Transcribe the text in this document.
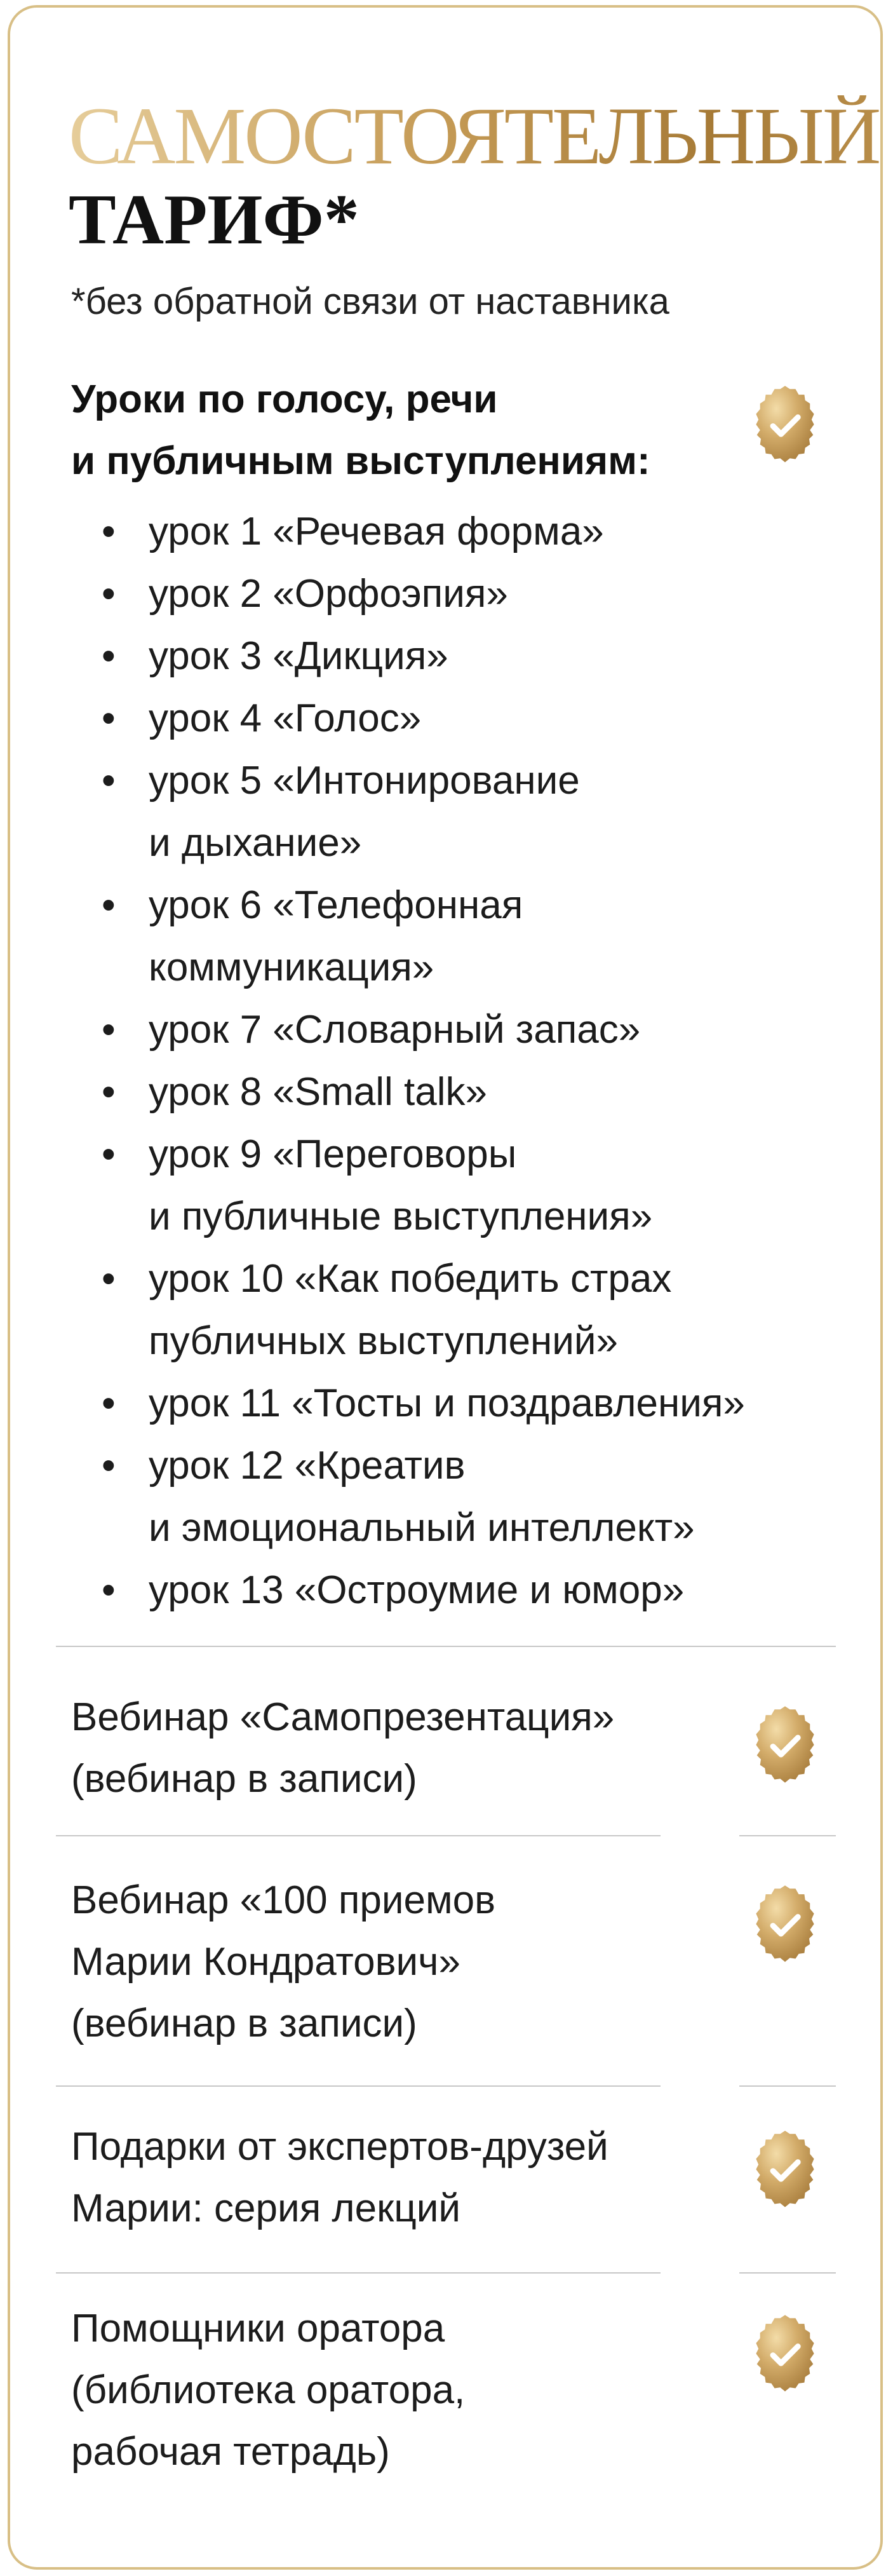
САМОСТОЯТЕЛЬНЫЙ
ТАРИФ*
*без обратной связи от наставника
Уроки по голосу, речи
и публичным выступлениям:
• урок 1 «Речевая форма»
• урок 2 «Орфоэпия»
• урок 3 «Дикция»
• урок 4 «Голос»
• урок 5 «Интонирование
и дыхание»
• урок 6 «Телефонная
коммуникация»
• урок 7 «Словарный запас»
• урок 8 «Small talk»
• урок 9 «Переговоры
и публичные выступления»
• урок 10 «Как победить страх
публичных выступлений»
• урок 11 «Тосты и поздравления»
• урок 12 «Креатив
и эмоциональный интеллект»
• урок 13 «Остроумие и юмор»
Вебинар «Самопрезентация»
(вебинар в записи)
Вебинар «100 приемов
Марии Кондратович»
(вебинар в записи)
Подарки от экспертов-друзей
Марии: серия лекций
Помощники оратора
(библиотека оратора,
рабочая тетрадь)
